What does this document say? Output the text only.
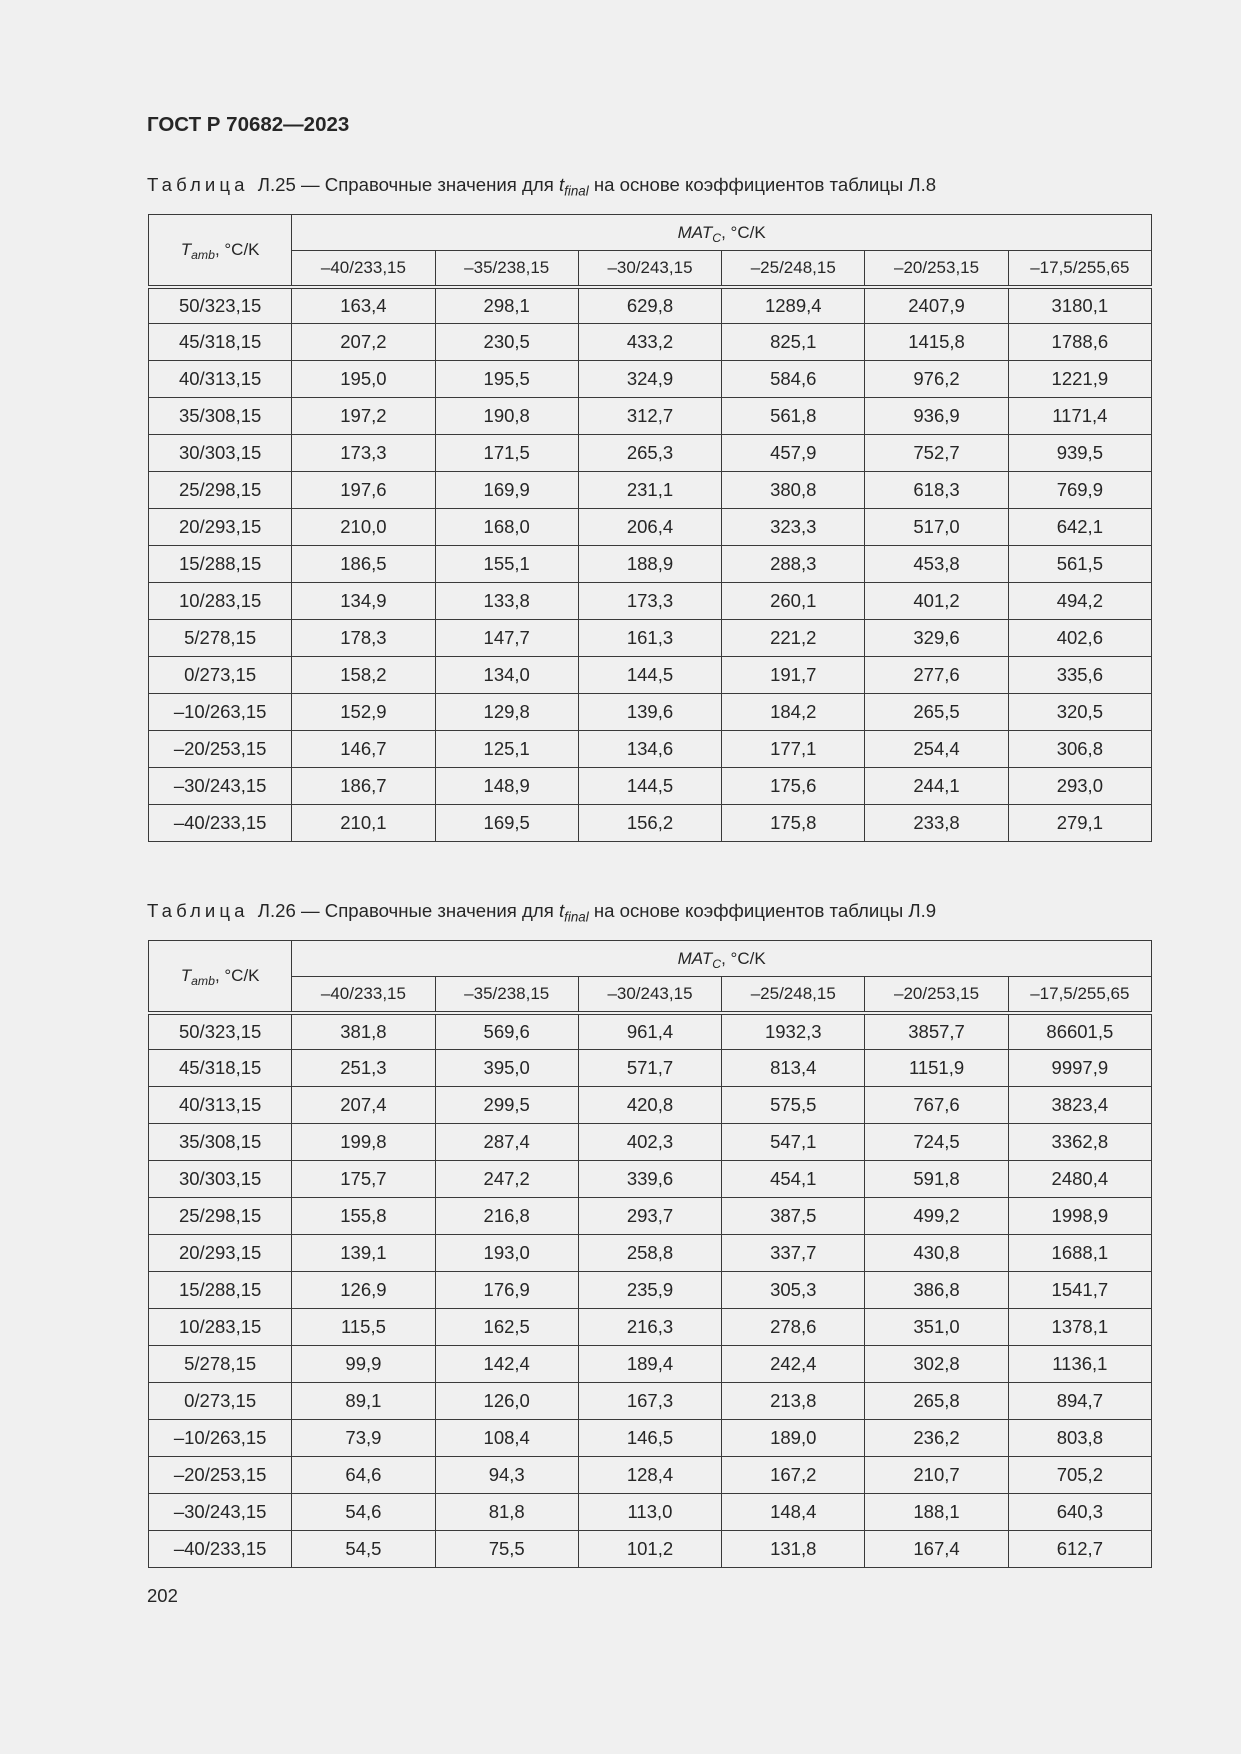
ГОСТ Р 70682—2023
Таблица Л.25 — Справочные значения для $t_{final}$ на основе коэффициентов таблицы Л.8
$T_{amb}$, °C/K	$MAT_C$, °C/K					
	–40/233,15	–35/238,15	–30/243,15	–25/248,15	–20/253,15	–17,5/255,65
50/323,15	163,4	298,1	629,8	1289,4	2407,9	3180,1
45/318,15	207,2	230,5	433,2	825,1	1415,8	1788,6
40/313,15	195,0	195,5	324,9	584,6	976,2	1221,9
35/308,15	197,2	190,8	312,7	561,8	936,9	1171,4
30/303,15	173,3	171,5	265,3	457,9	752,7	939,5
25/298,15	197,6	169,9	231,1	380,8	618,3	769,9
20/293,15	210,0	168,0	206,4	323,3	517,0	642,1
15/288,15	186,5	155,1	188,9	288,3	453,8	561,5
10/283,15	134,9	133,8	173,3	260,1	401,2	494,2
5/278,15	178,3	147,7	161,3	221,2	329,6	402,6
0/273,15	158,2	134,0	144,5	191,7	277,6	335,6
–10/263,15	152,9	129,8	139,6	184,2	265,5	320,5
–20/253,15	146,7	125,1	134,6	177,1	254,4	306,8
–30/243,15	186,7	148,9	144,5	175,6	244,1	293,0
–40/233,15	210,1	169,5	156,2	175,8	233,8	279,1
Таблица Л.26 — Справочные значения для $t_{final}$ на основе коэффициентов таблицы Л.9
$T_{amb}$, °C/K	$MAT_C$, °C/K					
	–40/233,15	–35/238,15	–30/243,15	–25/248,15	–20/253,15	–17,5/255,65
50/323,15	381,8	569,6	961,4	1932,3	3857,7	86601,5
45/318,15	251,3	395,0	571,7	813,4	1151,9	9997,9
40/313,15	207,4	299,5	420,8	575,5	767,6	3823,4
35/308,15	199,8	287,4	402,3	547,1	724,5	3362,8
30/303,15	175,7	247,2	339,6	454,1	591,8	2480,4
25/298,15	155,8	216,8	293,7	387,5	499,2	1998,9
20/293,15	139,1	193,0	258,8	337,7	430,8	1688,1
15/288,15	126,9	176,9	235,9	305,3	386,8	1541,7
10/283,15	115,5	162,5	216,3	278,6	351,0	1378,1
5/278,15	99,9	142,4	189,4	242,4	302,8	1136,1
0/273,15	89,1	126,0	167,3	213,8	265,8	894,7
–10/263,15	73,9	108,4	146,5	189,0	236,2	803,8
–20/253,15	64,6	94,3	128,4	167,2	210,7	705,2
–30/243,15	54,6	81,8	113,0	148,4	188,1	640,3
–40/233,15	54,5	75,5	101,2	131,8	167,4	612,7
202
